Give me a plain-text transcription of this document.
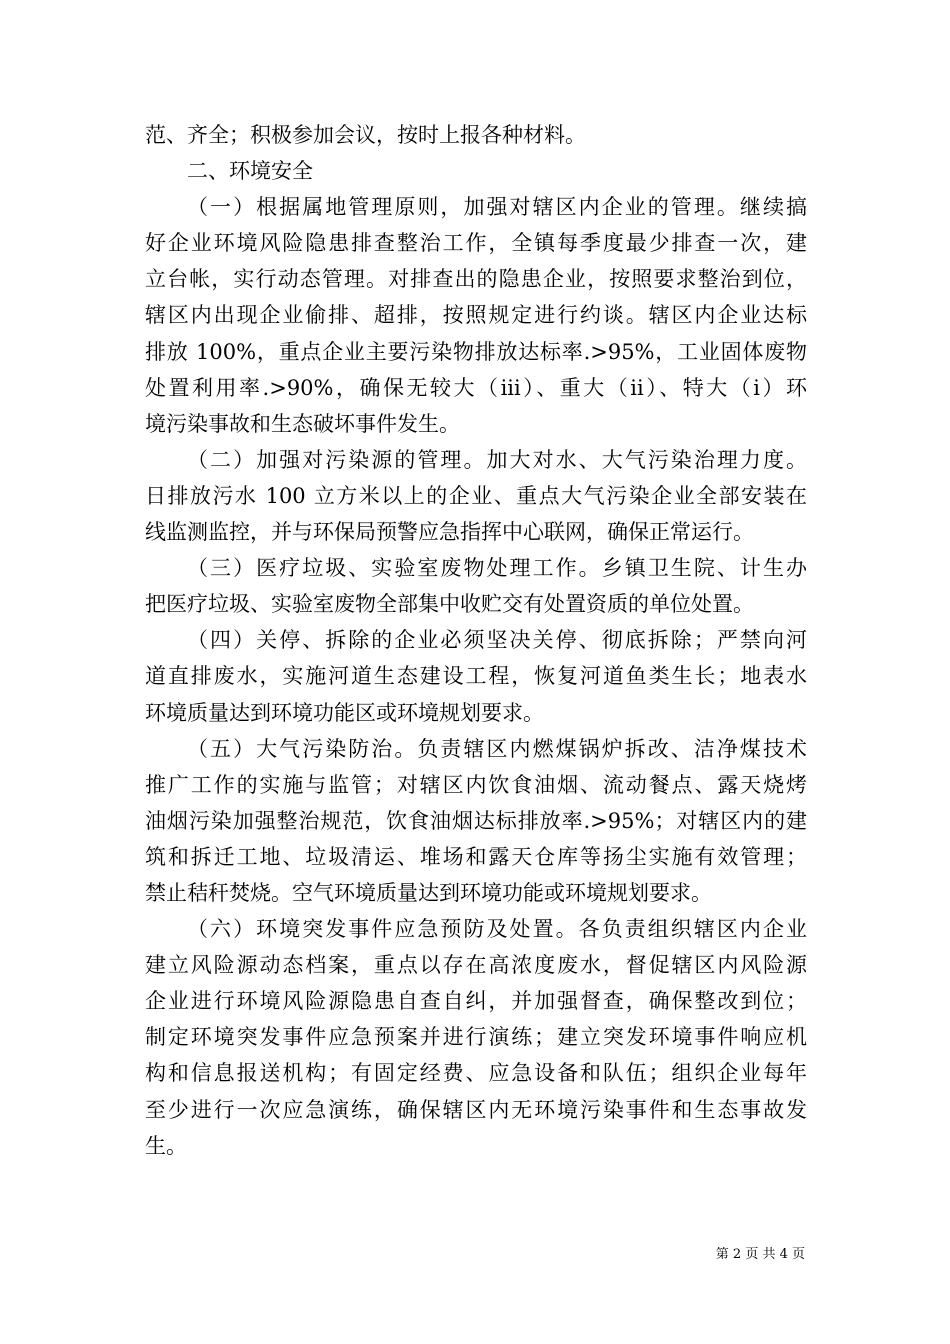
范、齐全；积极参加会议，按时上报各种材料。

二、环境安全

（一）根据属地管理原则，加强对辖区内企业的管理。继续搞

好企业环境风险隐患排查整治工作，全镇每季度最少排查一次，建

立台帐，实行动态管理。对排查出的隐患企业，按照要求整治到位，

辖区内出现企业偷排、超排，按照规定进行约谈。辖区内企业达标

排放 100%，重点企业主要污染物排放达标率.>95%，工业固体废物

处置利用率.>90%，确保无较大（iii）、重大（ii）、特大（i）环

境污染事故和生态破坏事件发生。

（二）加强对污染源的管理。加大对水、大气污染治理力度。

日排放污水 100 立方米以上的企业、重点大气污染企业全部安装在

线监测监控，并与环保局预警应急指挥中心联网，确保正常运行。

（三）医疗垃圾、实验室废物处理工作。乡镇卫生院、计生办

把医疗垃圾、实验室废物全部集中收贮交有处置资质的单位处置。

（四）关停、拆除的企业必须坚决关停、彻底拆除；严禁向河

道直排废水，实施河道生态建设工程，恢复河道鱼类生长；地表水

环境质量达到环境功能区或环境规划要求。

（五）大气污染防治。负责辖区内燃煤锅炉拆改、洁净煤技术

推广工作的实施与监管；对辖区内饮食油烟、流动餐点、露天烧烤

油烟污染加强整治规范，饮食油烟达标排放率.>95%；对辖区内的建

筑和拆迁工地、垃圾清运、堆场和露天仓库等扬尘实施有效管理；

禁止秸秆焚烧。空气环境质量达到环境功能或环境规划要求。

（六）环境突发事件应急预防及处置。各负责组织辖区内企业

建立风险源动态档案，重点以存在高浓度废水，督促辖区内风险源

企业进行环境风险源隐患自查自纠，并加强督查，确保整改到位；

制定环境突发事件应急预案并进行演练；建立突发环境事件响应机

构和信息报送机构；有固定经费、应急设备和队伍；组织企业每年

至少进行一次应急演练，确保辖区内无环境污染事件和生态事故发

生。

第 2 页 共 4 页
